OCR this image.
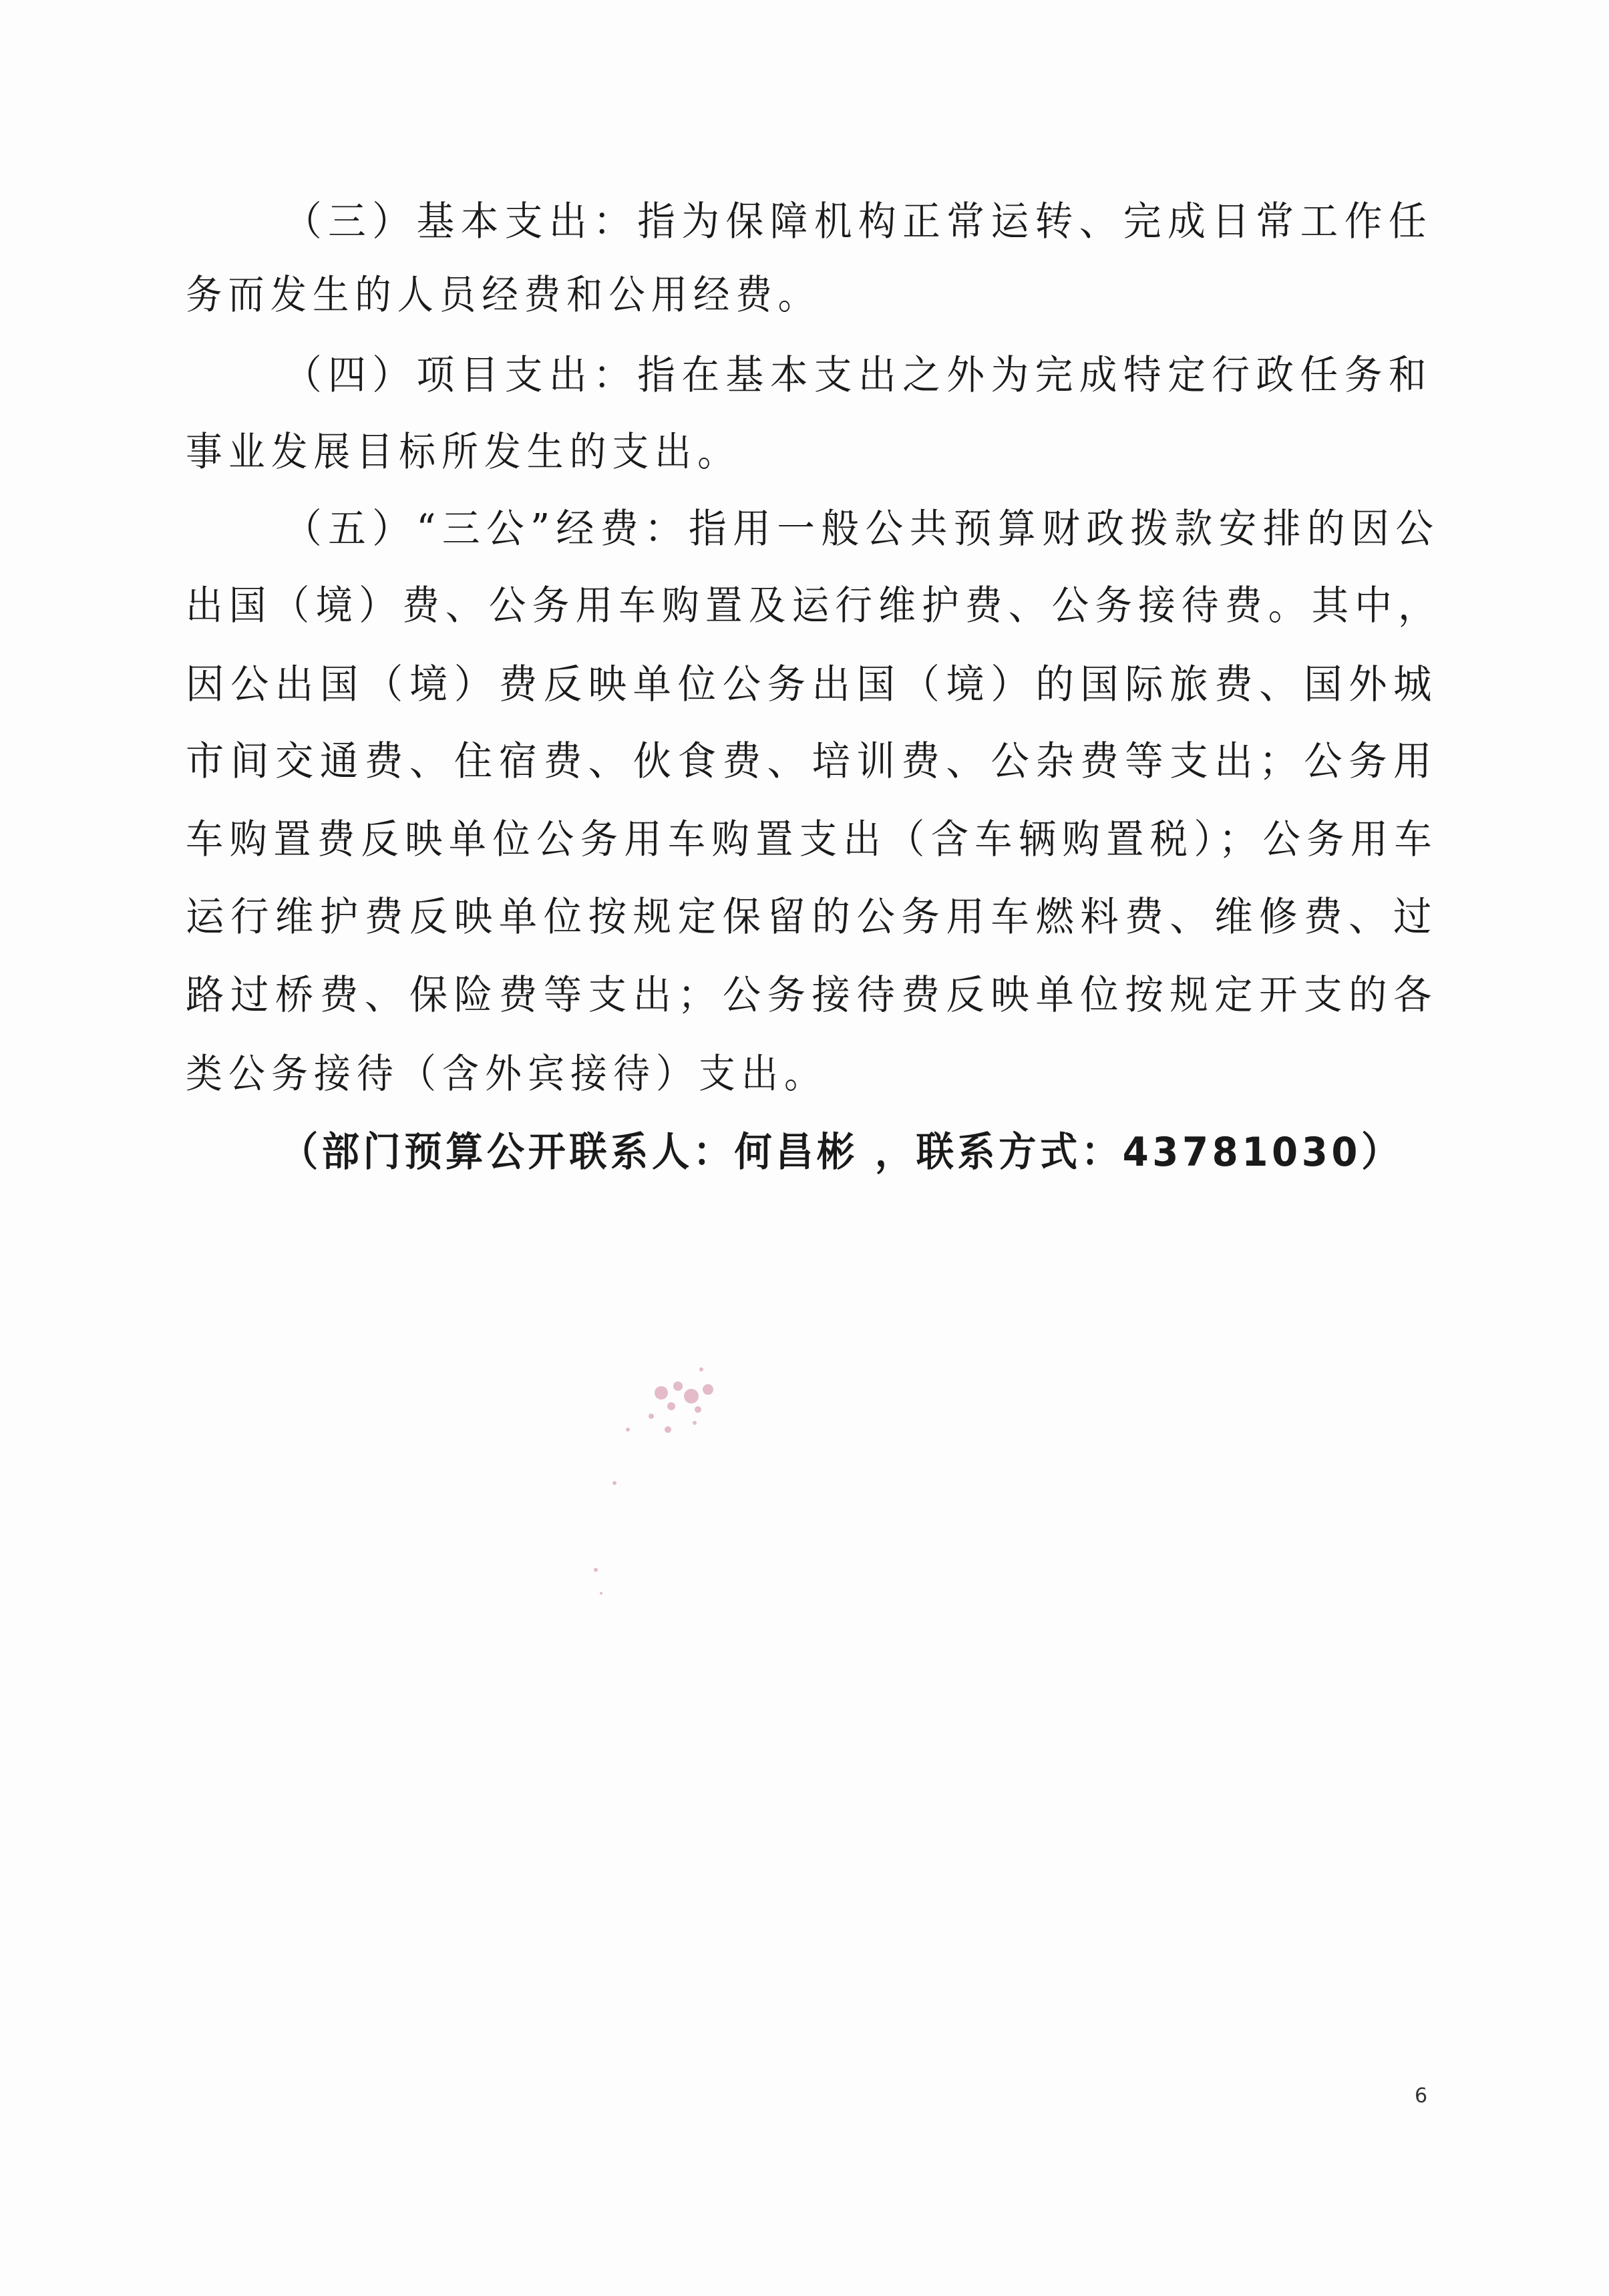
（三）基本支出：指为保障机构正常运转、完成日常工作任
务而发生的人员经费和公用经费。
（四）项目支出：指在基本支出之外为完成特定行政任务和
事业发展目标所发生的支出。
（五）“三公”经费：指用一般公共预算财政拨款安排的因公
出国（境）费、公务用车购置及运行维护费、公务接待费。其中，
因公出国（境）费反映单位公务出国（境）的国际旅费、国外城
市间交通费、住宿费、伙食费、培训费、公杂费等支出；公务用
车购置费反映单位公务用车购置支出（含车辆购置税）；公务用车
运行维护费反映单位按规定保留的公务用车燃料费、维修费、过
路过桥费、保险费等支出；公务接待费反映单位按规定开支的各
类公务接待（含外宾接待）支出。
（部门预算公开联系人：何昌彬 ，联系方式：43781030）
6
